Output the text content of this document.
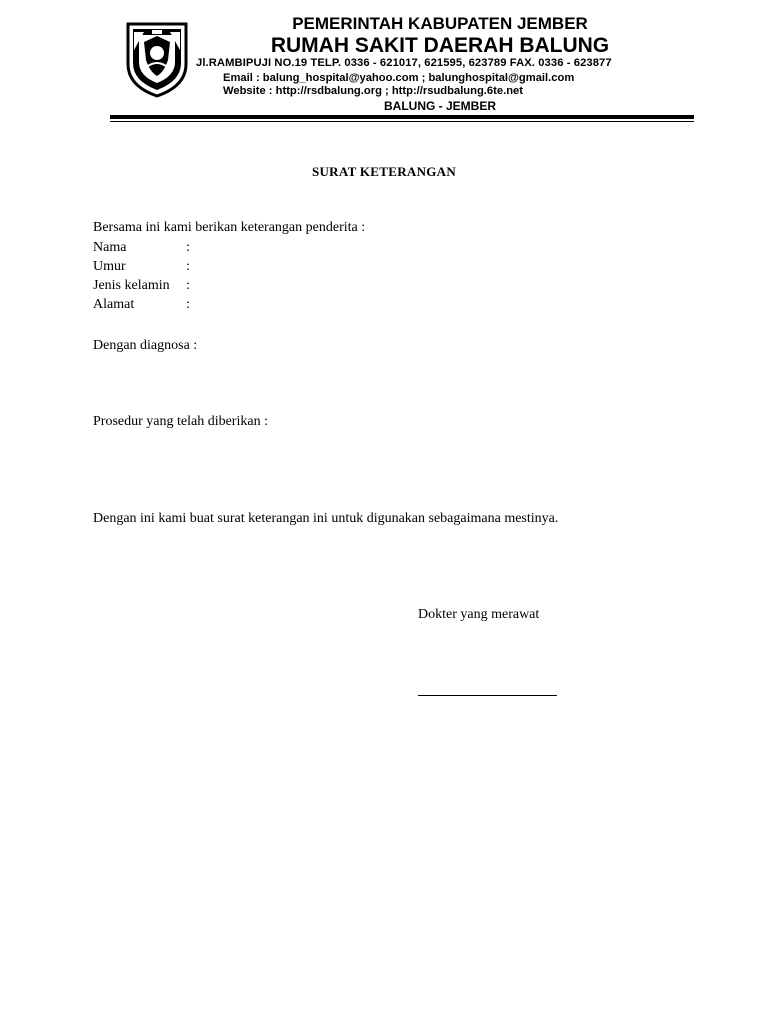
PEMERINTAH KABUPATEN JEMBER
RUMAH SAKIT DAERAH BALUNG
Jl.RAMBIPUJI NO.19 TELP. 0336 - 621017, 621595, 623789 FAX. 0336 - 623877
Email : balung_hospital@yahoo.com ; balunghospital@gmail.com
Website : http://rsdbalung.org ; http://rsudbalung.6te.net
BALUNG - JEMBER
SURAT KETERANGAN
Bersama ini kami berikan keterangan penderita :
Nama	:
Umur	:
Jenis kelamin :
Alamat	:
Dengan diagnosa :
Prosedur yang telah diberikan :
Dengan ini kami buat surat keterangan ini untuk digunakan sebagaimana mestinya.
Dokter yang merawat
